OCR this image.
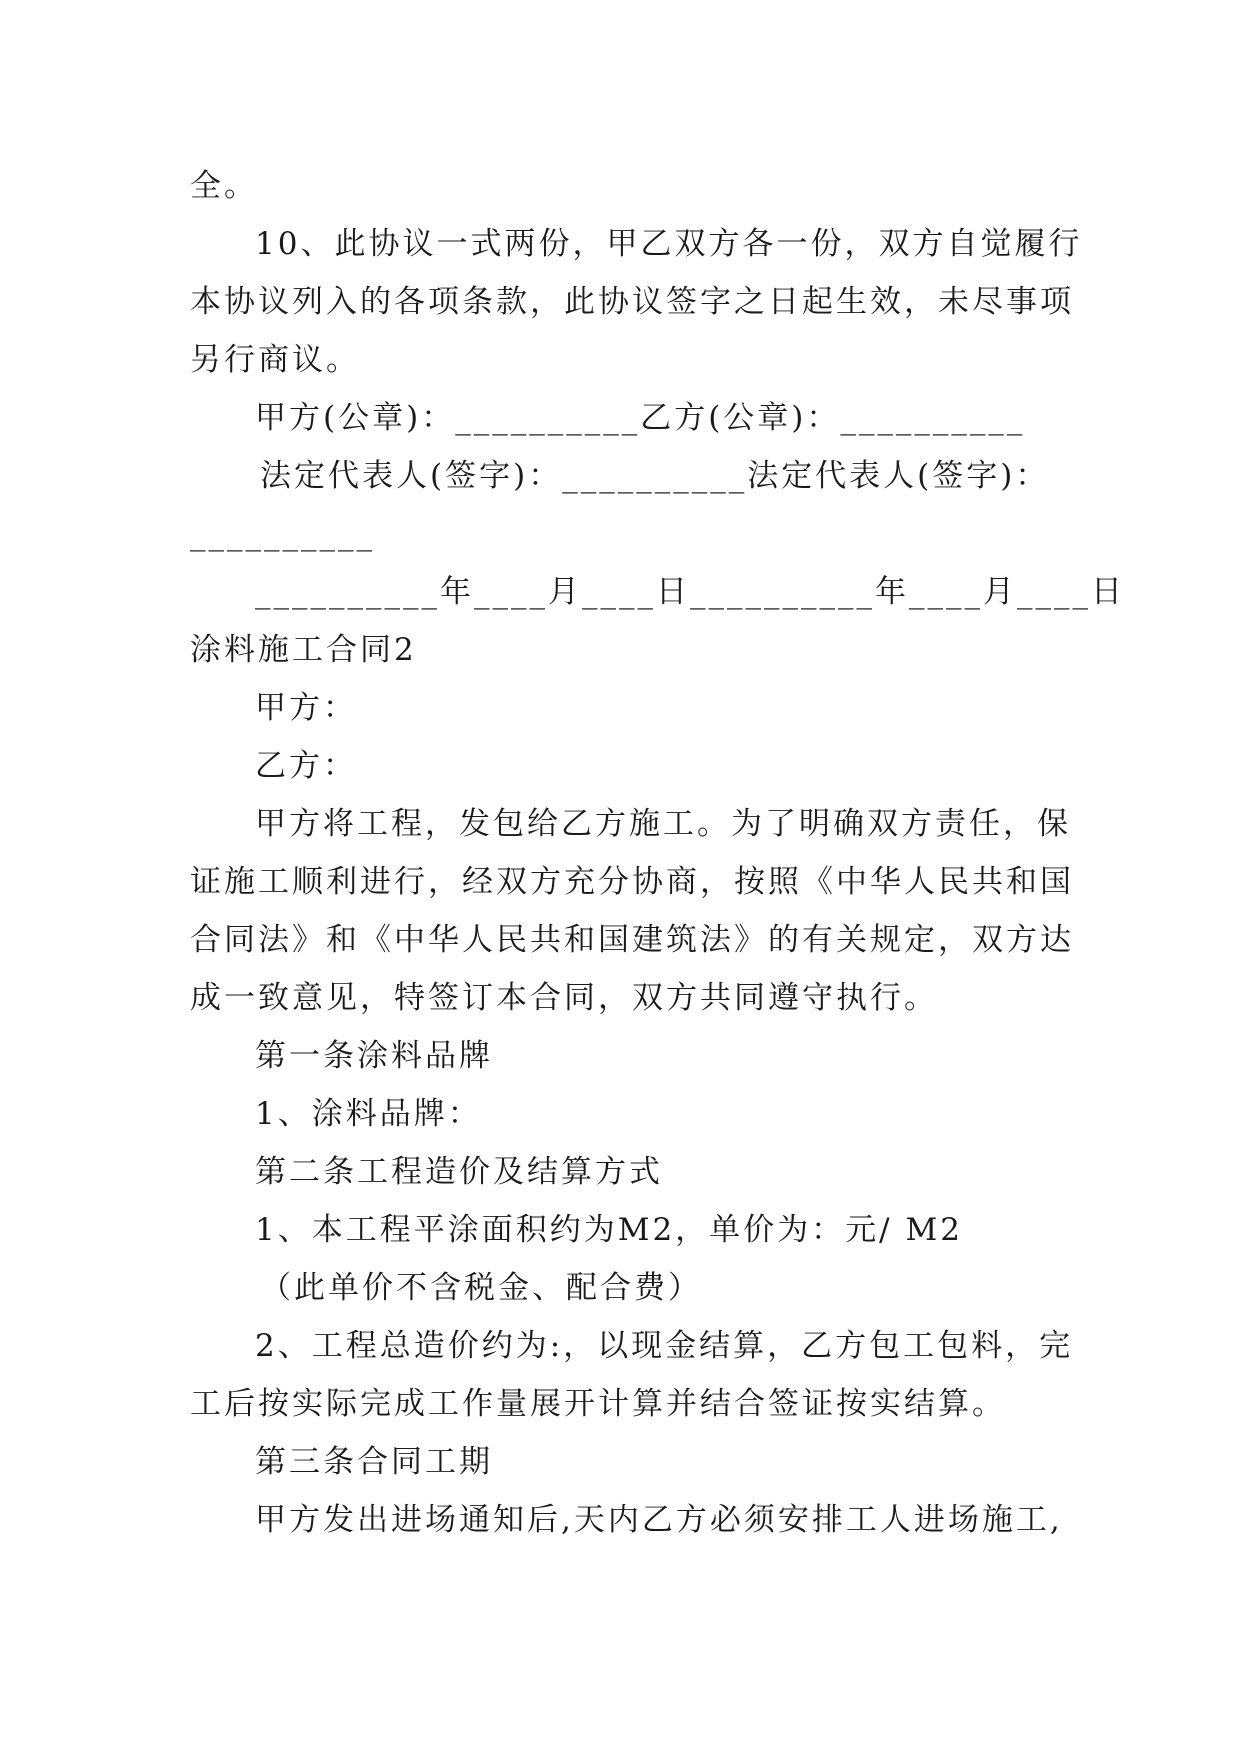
全。
10、此协议一式两份，甲乙双方各一份，双方自觉履行
本协议列入的各项条款，此协议签字之日起生效，未尽事项
另行商议。
甲方(公章)：__________乙方(公章)：__________
法定代表人(签字)：__________法定代表人(签字)：
__________
__________年____月____日__________年____月____日
涂料施工合同2
甲方：
乙方：
甲方将工程，发包给乙方施工。为了明确双方责任，保
证施工顺利进行，经双方充分协商，按照《中华人民共和国
合同法》和《中华人民共和国建筑法》的有关规定，双方达
成一致意见，特签订本合同，双方共同遵守执行。
第一条涂料品牌
1、涂料品牌：
第二条工程造价及结算方式
1、本工程平涂面积约为M2，单价为：元/ M2
（此单价不含税金、配合费）
2、工程总造价约为:，以现金结算，乙方包工包料，完
工后按实际完成工作量展开计算并结合签证按实结算。
第三条合同工期
甲方发出进场通知后,天内乙方必须安排工人进场施工,
